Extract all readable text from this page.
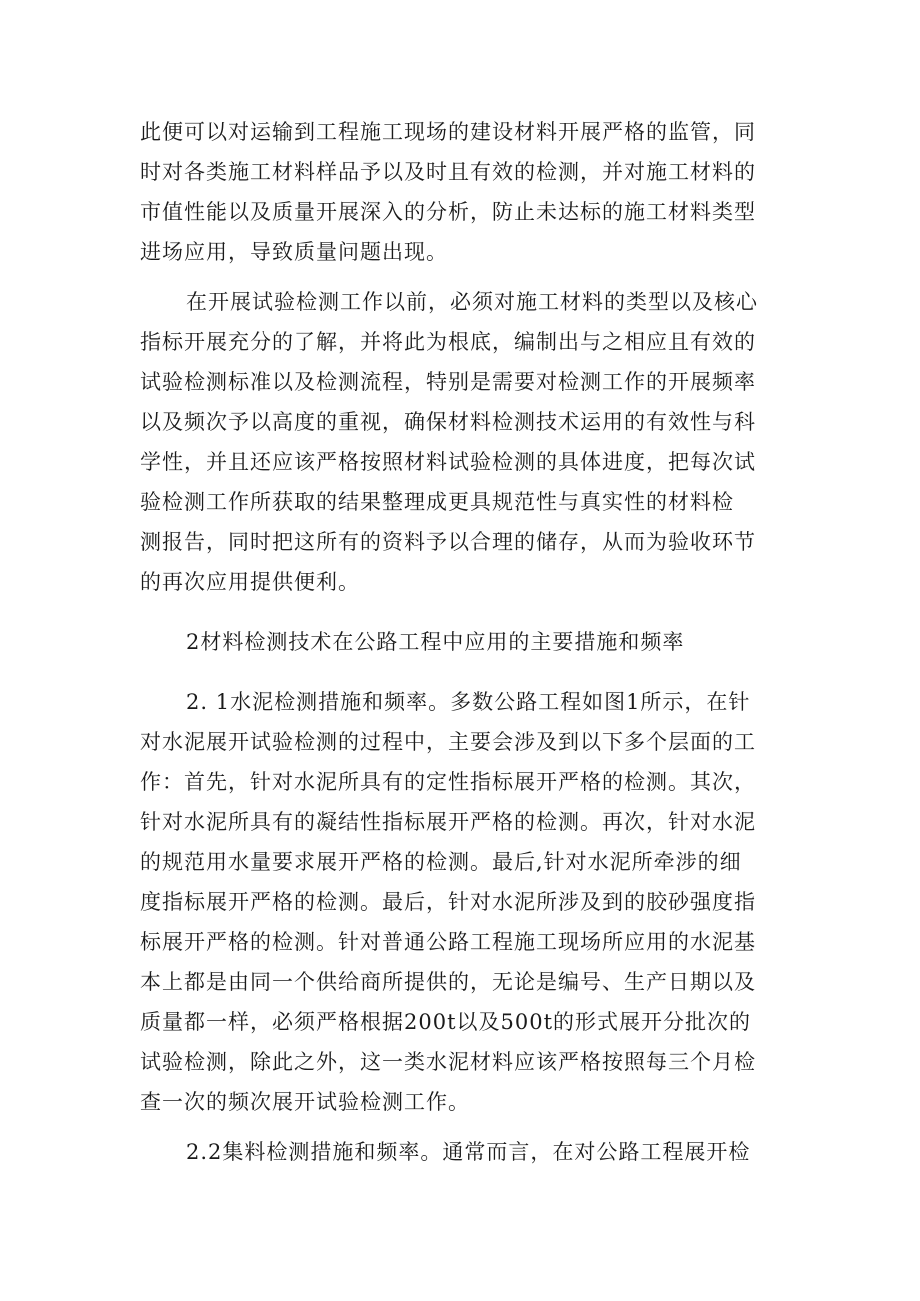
此便可以对运输到工程施工现场的建设材料开展严格的监管，同
时对各类施工材料样品予以及时且有效的检测，并对施工材料的
市值性能以及质量开展深入的分析，防止未达标的施工材料类型
进场应用，导致质量问题出现。
在开展试验检测工作以前，必须对施工材料的类型以及核心
指标开展充分的了解，并将此为根底，编制出与之相应且有效的
试验检测标准以及检测流程，特别是需要对检测工作的开展频率
以及频次予以高度的重视，确保材料检测技术运用的有效性与科
学性，并且还应该严格按照材料试验检测的具体进度，把每次试
验检测工作所获取的结果整理成更具规范性与真实性的材料检
测报告，同时把这所有的资料予以合理的储存，从而为验收环节
的再次应用提供便利。
2材料检测技术在公路工程中应用的主要措施和频率
2. 1水泥检测措施和频率。多数公路工程如图1所示，在针
对水泥展开试验检测的过程中，主要会涉及到以下多个层面的工
作：首先，针对水泥所具有的定性指标展开严格的检测。其次，
针对水泥所具有的凝结性指标展开严格的检测。再次，针对水泥
的规范用水量要求展开严格的检测。最后,针对水泥所牵涉的细
度指标展开严格的检测。最后，针对水泥所涉及到的胶砂强度指
标展开严格的检测。针对普通公路工程施工现场所应用的水泥基
本上都是由同一个供给商所提供的，无论是编号、生产日期以及
质量都一样，必须严格根据200t以及500t的形式展开分批次的
试验检测，除此之外，这一类水泥材料应该严格按照每三个月检
查一次的频次展开试验检测工作。
2.2集料检测措施和频率。通常而言，在对公路工程展开检
